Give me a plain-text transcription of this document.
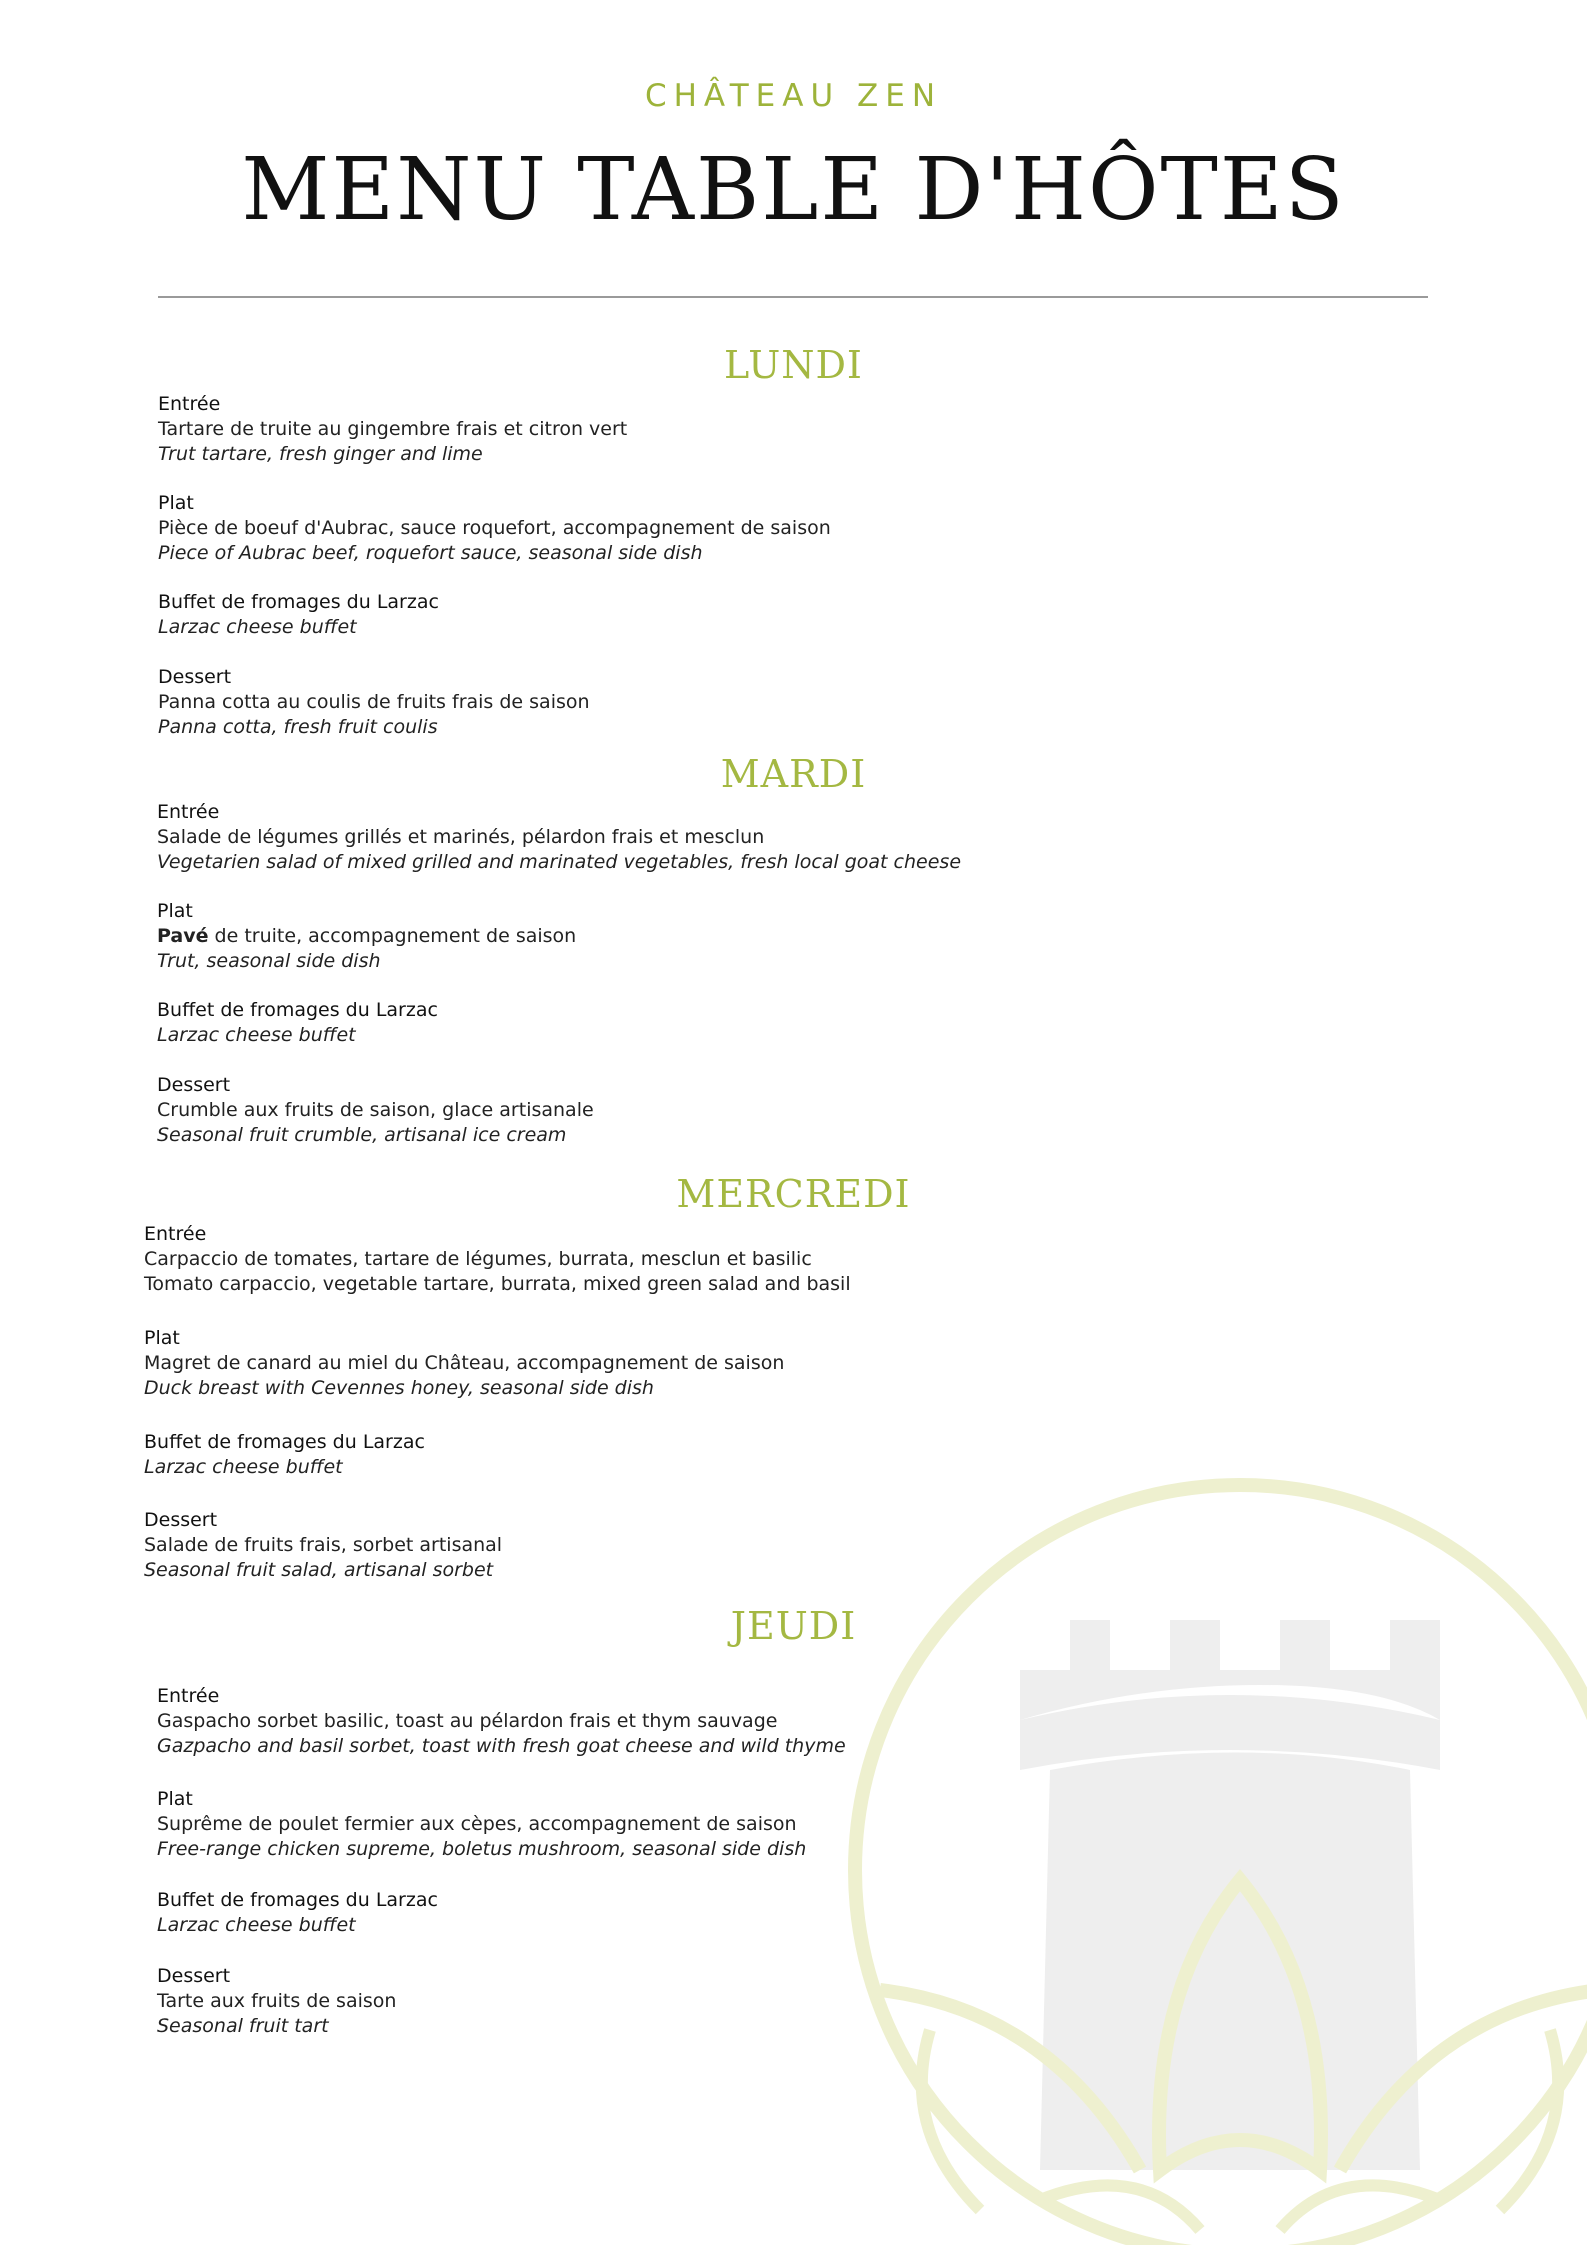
CHÂTEAU ZEN
MENU TABLE D'HÔTES
LUNDI
Entrée
Tartare de truite au gingembre frais et citron vert
Trut tartare, fresh ginger and lime
Plat
Pièce de boeuf d'Aubrac, sauce roquefort, accompagnement de saison
Piece of Aubrac beef, roquefort sauce, seasonal side dish
Buffet de fromages du Larzac
Larzac cheese buffet
Dessert
Panna cotta au coulis de fruits frais de saison
Panna cotta, fresh fruit coulis
MARDI
Entrée
Salade de légumes grillés et marinés, pélardon frais et mesclun
Vegetarien salad of mixed grilled and marinated vegetables, fresh local goat cheese
Plat
Pavé de truite, accompagnement de saison
Trut, seasonal side dish
Buffet de fromages du Larzac
Larzac cheese buffet
Dessert
Crumble aux fruits de saison, glace artisanale
Seasonal fruit crumble, artisanal ice cream
MERCREDI
Entrée
Carpaccio de tomates, tartare de légumes, burrata, mesclun et basilic
Tomato carpaccio, vegetable tartare, burrata, mixed green salad and basil
Plat
Magret de canard au miel du Château, accompagnement de saison
Duck breast with Cevennes honey, seasonal side dish
Buffet de fromages du Larzac
Larzac cheese buffet
Dessert
Salade de fruits frais, sorbet artisanal
Seasonal fruit salad, artisanal sorbet
JEUDI
Entrée
Gaspacho sorbet basilic, toast au pélardon frais et thym sauvage
Gazpacho and basil sorbet, toast with fresh goat cheese and wild thyme
Plat
Suprême de poulet fermier aux cèpes, accompagnement de saison
Free-range chicken supreme, boletus mushroom, seasonal side dish
Buffet de fromages du Larzac
Larzac cheese buffet
Dessert
Tarte aux fruits de saison
Seasonal fruit tart
